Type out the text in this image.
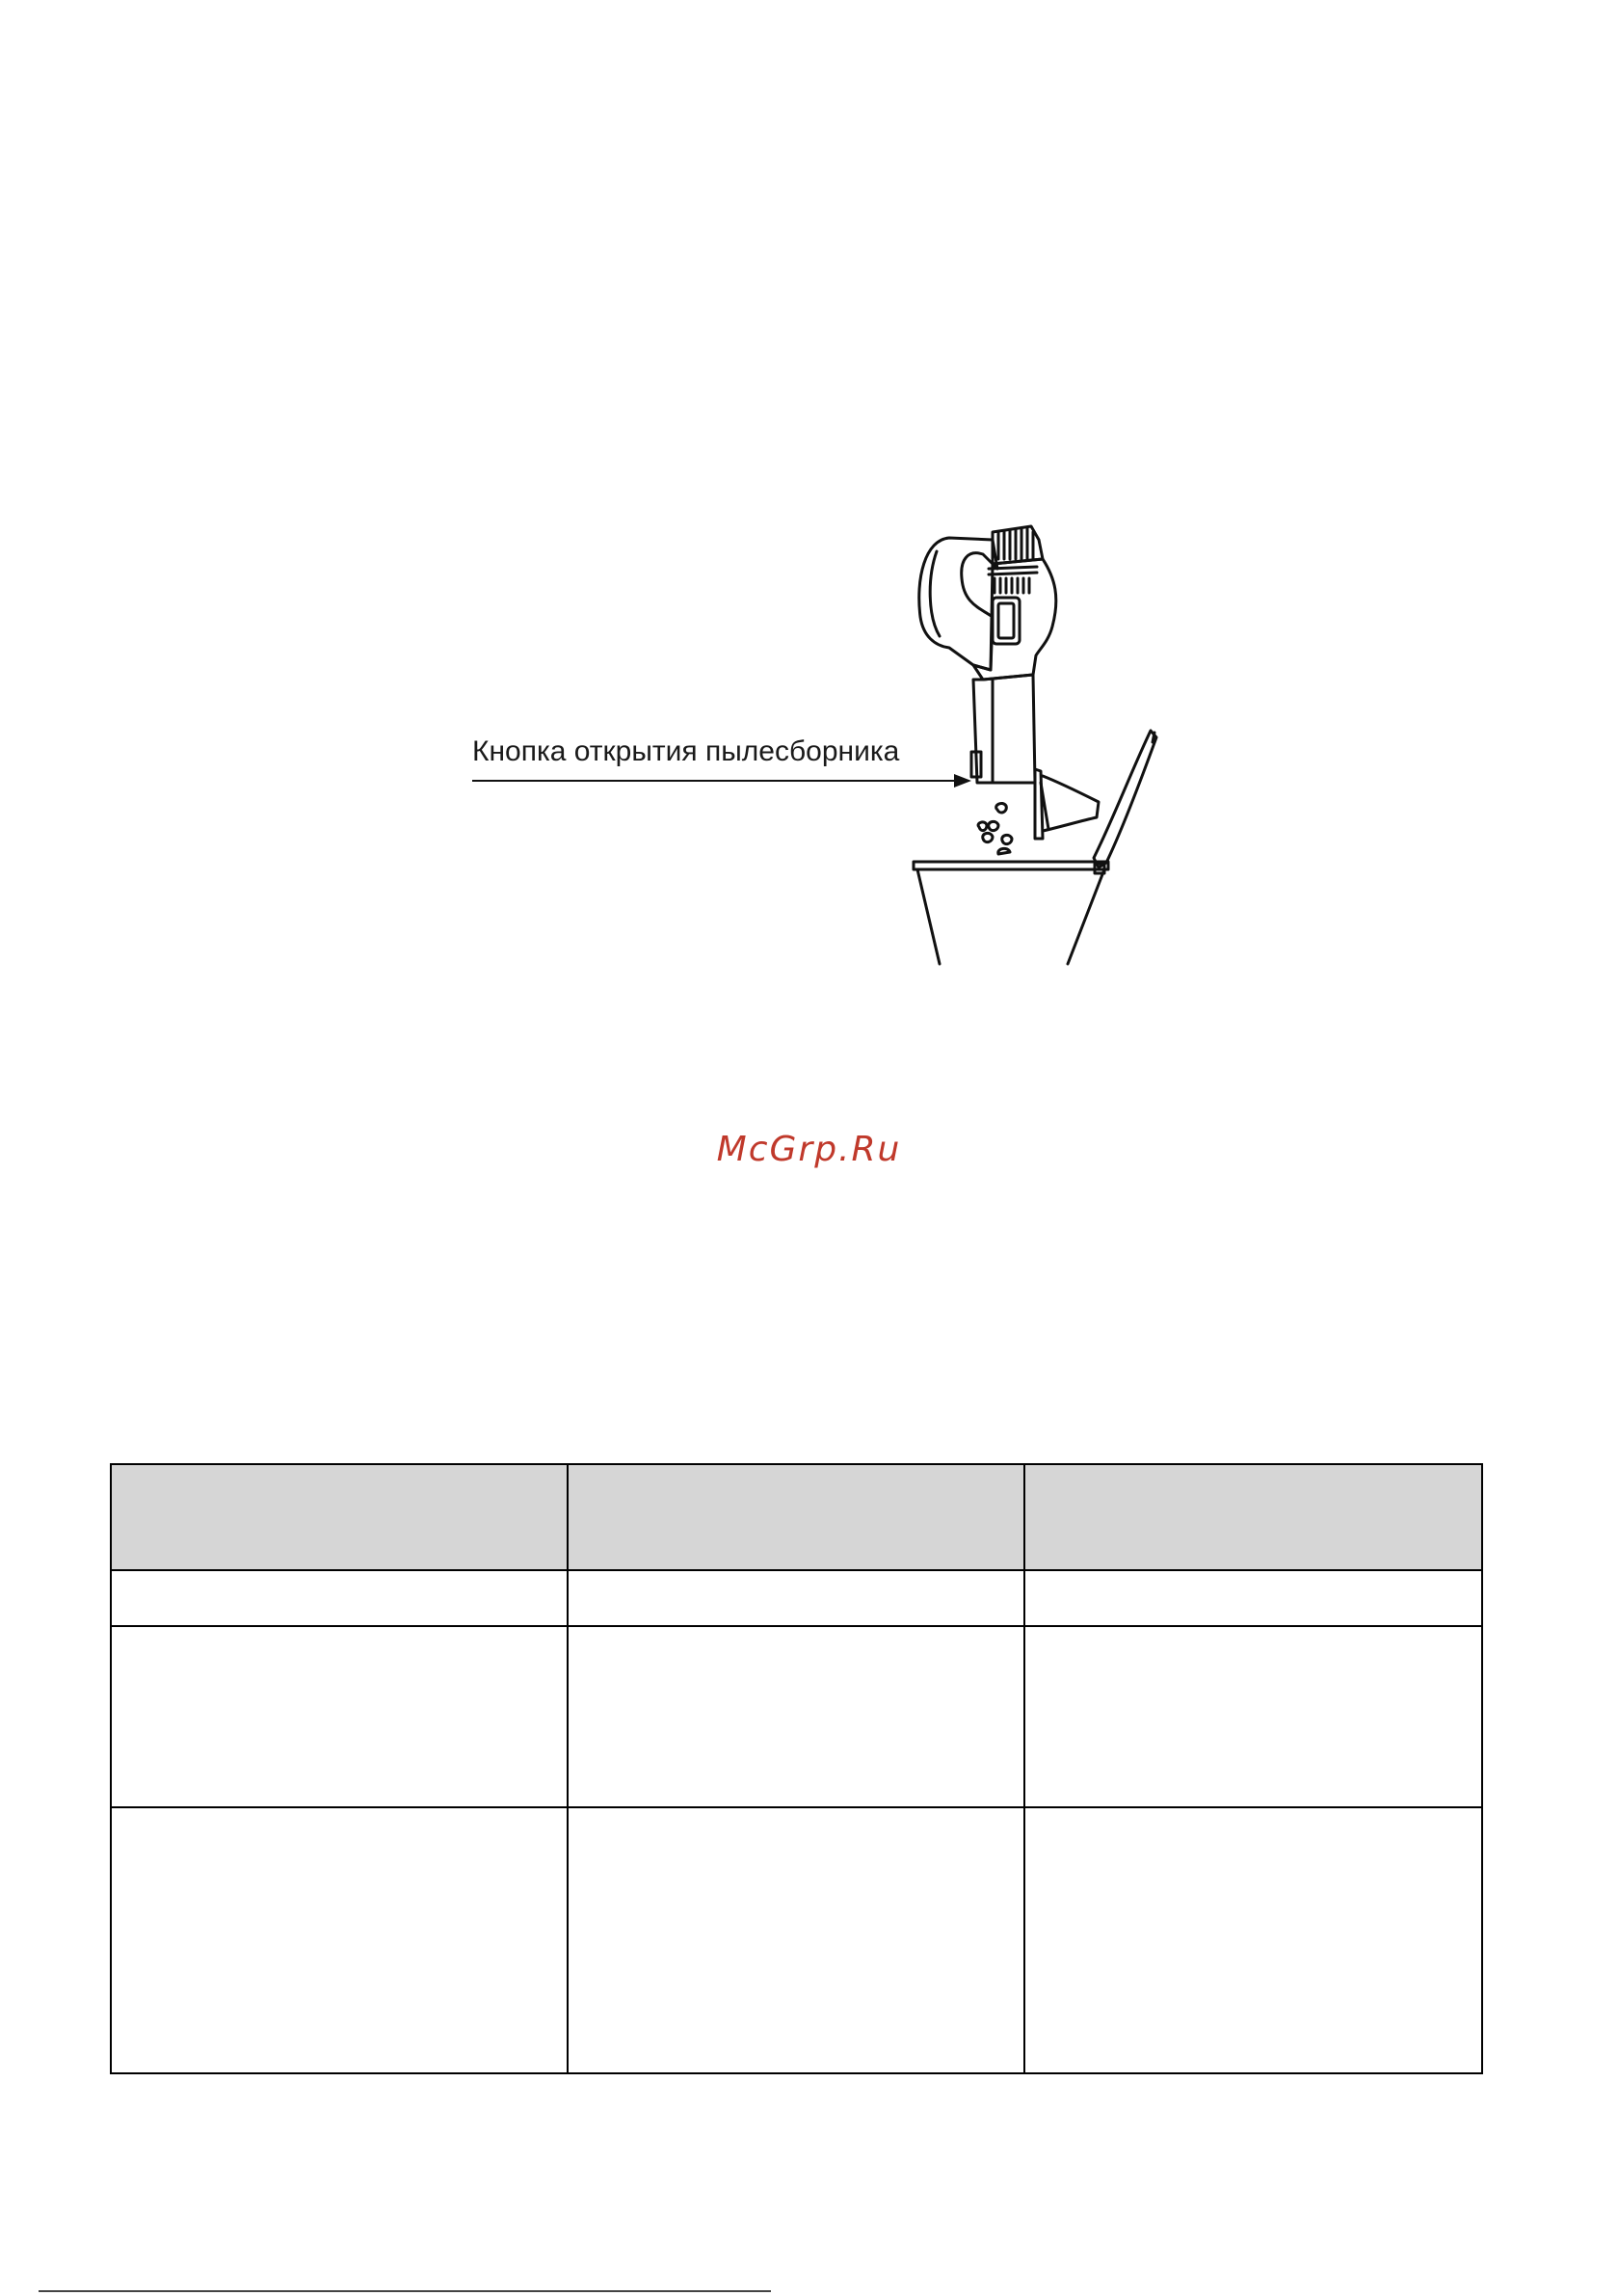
Кнопка открытия пылесборника
McGrp.Ru
